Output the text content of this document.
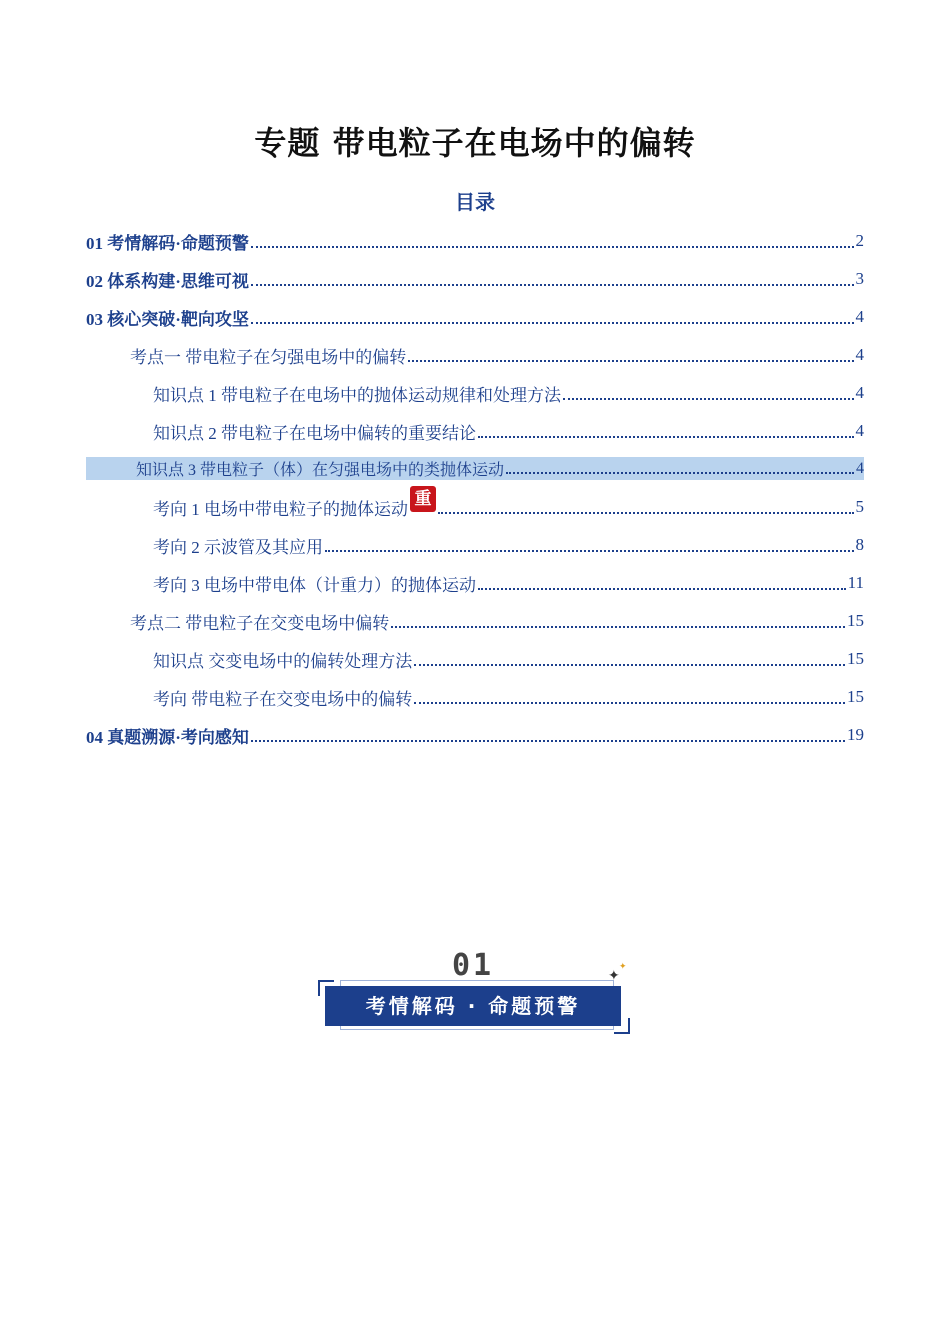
专题 带电粒子在电场中的偏转
目录
01 考情解码·命题预警	2
02 体系构建·思维可视	3
03 核心突破·靶向攻坚	4
考点一 带电粒子在匀强电场中的偏转	4
知识点 1 带电粒子在电场中的抛体运动规律和处理方法	4
知识点 2 带电粒子在电场中偏转的重要结论	4
知识点 3 带电粒子（体）在匀强电场中的类抛体运动	4
考向 1 电场中带电粒子的抛体运动 重	5
考向 2 示波管及其应用	8
考向 3 电场中带电体（计重力）的抛体运动	11
考点二 带电粒子在交变电场中偏转	15
知识点 交变电场中的偏转处理方法	15
考向 带电粒子在交变电场中的偏转	15
04 真题溯源·考向感知	19
01
考情解码 · 命题预警
✦
✦
